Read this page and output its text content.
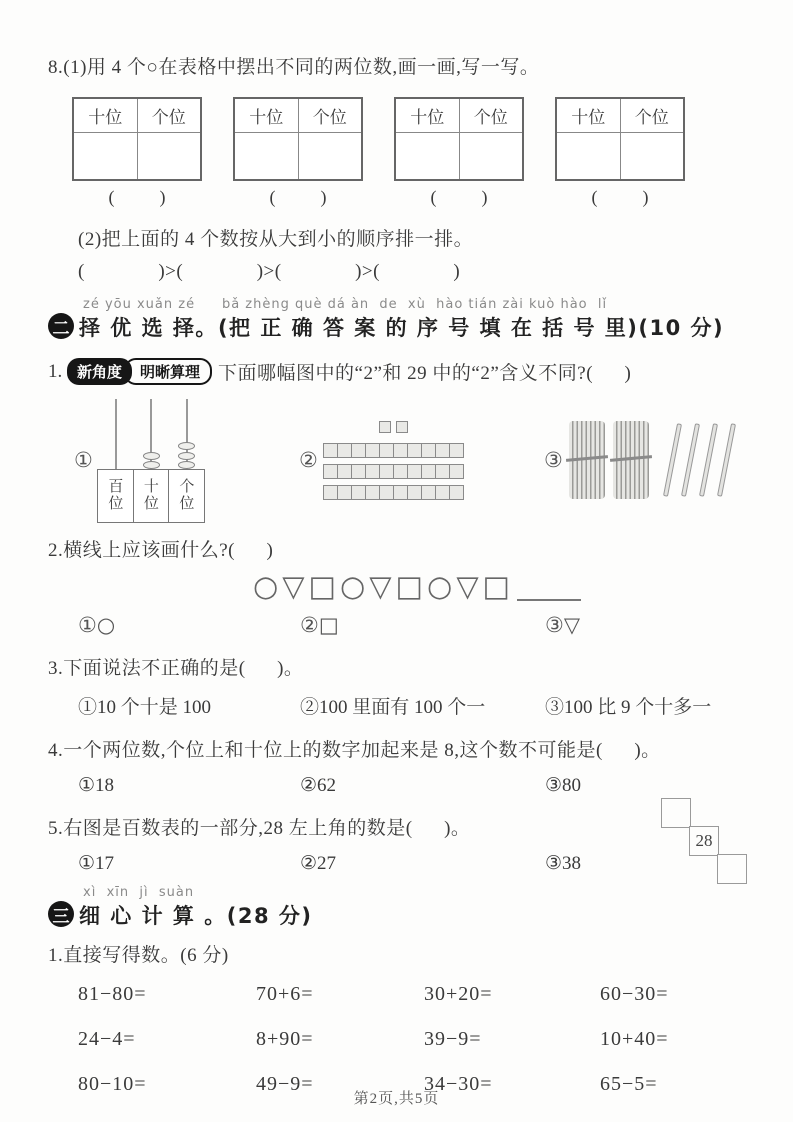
8.(1)用 4 个○在表格中摆出不同的两位数,画一画,写一写。
十位	个位
		十位	个位
		十位	个位
		十位	个位

(          )	(          )	(          )	(          )
(2)把上面的 4 个数按从大到小的顺序排一排。
(              )>(              )>(              )>(              )
二
zé yōu xuǎn zé
择 优 选 择。
bǎ zhèng què dá àn  de  xù  hào tián zài kuò hào  lǐ
(把 正 确 答 案 的 序 号 填 在 括 号 里)(10 分)
1. 新角度	明晰算理 下面哪幅图中的“2”和 29 中的“2”含义不同?(      )
①
百
位
十
位
个
位
②	③
2.横线上应该画什么?(      )
○▽□○▽□○▽□
①○	②□	③▽
3.下面说法不正确的是(      )。
①10 个十是 100	②100 里面有 100 个一	③100 比 9 个十多一
4.一个两位数,个位上和十位上的数字加起来是 8,这个数不可能是(      )。
①18	②62	③80
5.右图是百数表的一部分,28 左上角的数是(      )。
①17	②27	③38
28
三
xì  xīn  jì  suàn
细 心 计 算 。(28 分)
1.直接写得数。(6 分)
81−80=	70+6=	30+20=	60−30=
24−4=	8+90=	39−9=	10+40=
80−10=	49−9=	34−30=	65−5=
第2页,共5页
